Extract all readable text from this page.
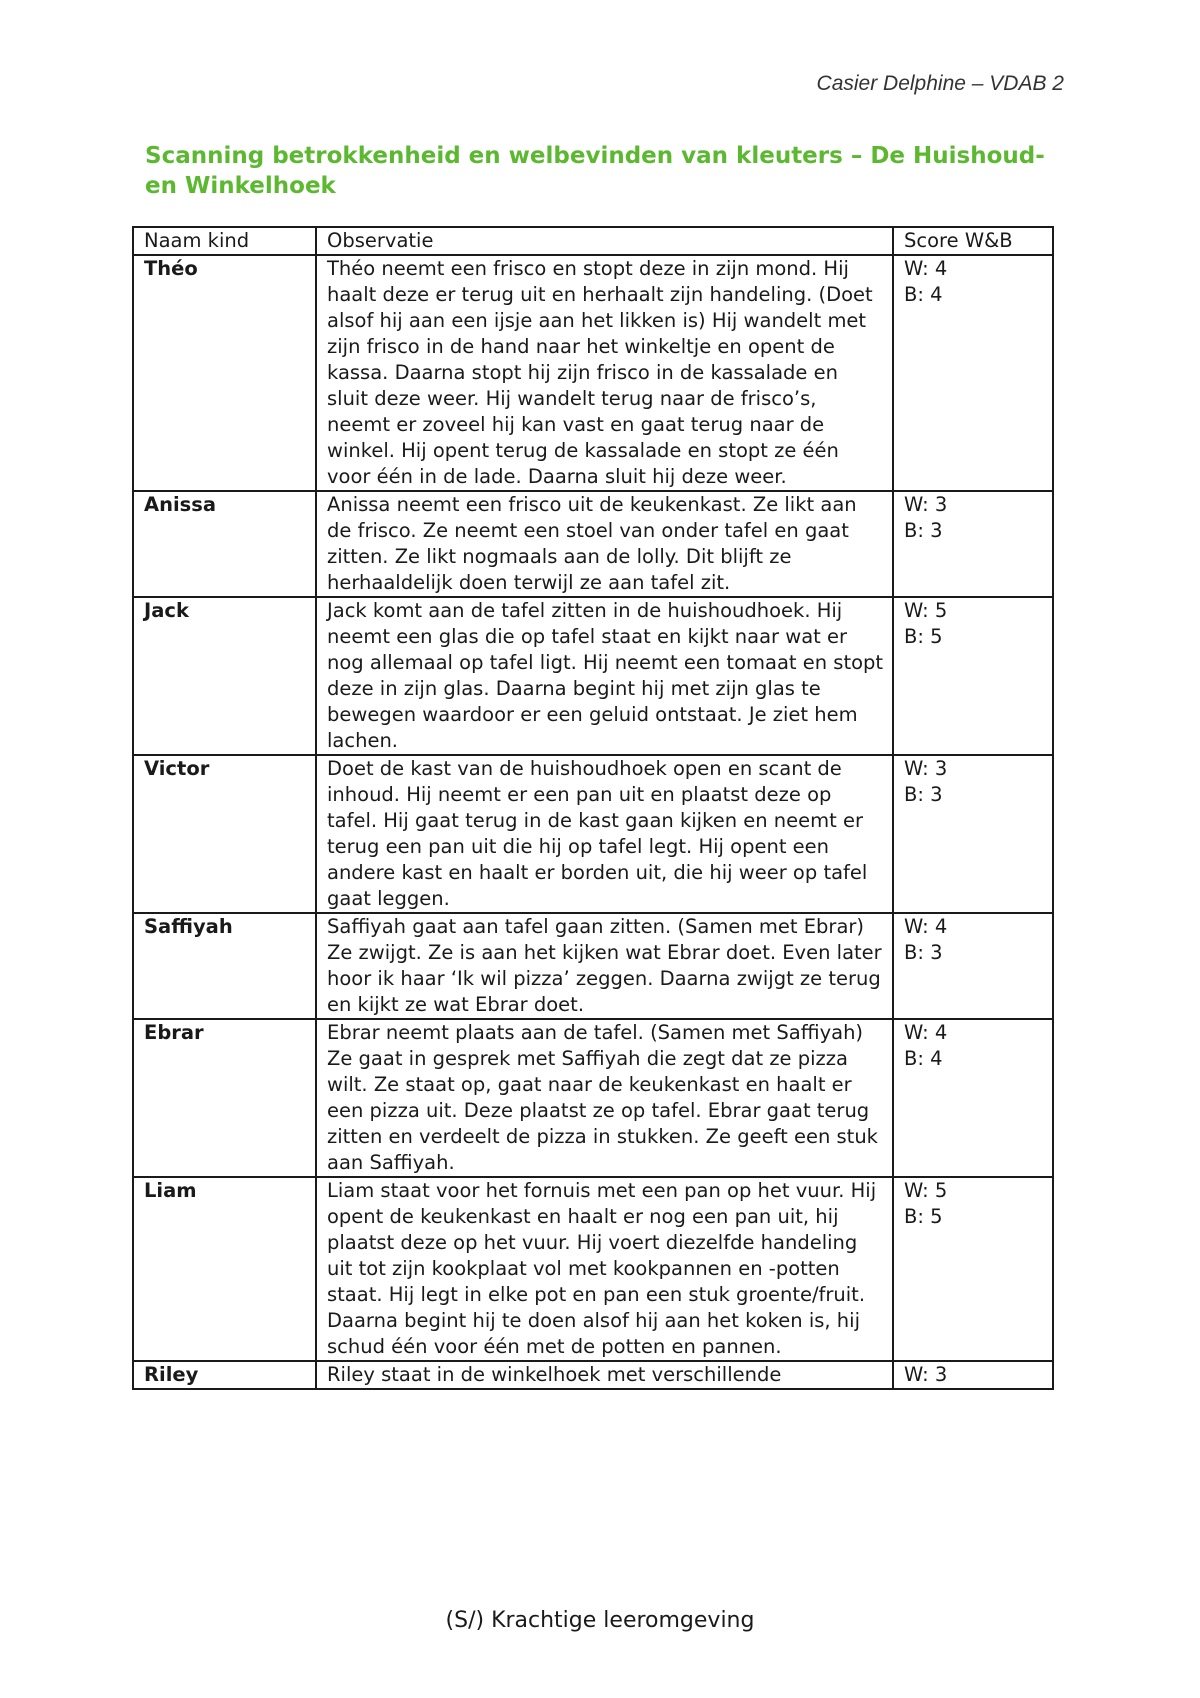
Casier Delphine – VDAB 2
Scanning betrokkenheid en welbevinden van kleuters – De Huishoud- en Winkelhoek
Naam kind	Observatie	Score W&B
Théo	Théo neemt een frisco en stopt deze in zijn mond. Hij haalt deze er terug uit en herhaalt zijn handeling. (Doet alsof hij aan een ijsje aan het likken is) Hij wandelt met zijn frisco in de hand naar het winkeltje en opent de kassa. Daarna stopt hij zijn frisco in de kassalade en sluit deze weer. Hij wandelt terug naar de frisco’s, neemt er zoveel hij kan vast en gaat terug naar de winkel. Hij opent terug de kassalade en stopt ze één voor één in de lade. Daarna sluit hij deze weer.	W: 4
B: 4

Anissa	Anissa neemt een frisco uit de keukenkast. Ze likt aan de frisco. Ze neemt een stoel van onder tafel en gaat zitten. Ze likt nogmaals aan de lolly. Dit blijft ze herhaaldelijk doen terwijl ze aan tafel zit.	W: 3
B: 3

Jack	Jack komt aan de tafel zitten in de huishoudhoek. Hij neemt een glas die op tafel staat en kijkt naar wat er nog allemaal op tafel ligt. Hij neemt een tomaat en stopt deze in zijn glas. Daarna begint hij met zijn glas te bewegen waardoor er een geluid ontstaat. Je ziet hem lachen.	W: 5
B: 5

Victor	Doet de kast van de huishoudhoek open en scant de inhoud. Hij neemt er een pan uit en plaatst deze op tafel. Hij gaat terug in de kast gaan kijken en neemt er terug een pan uit die hij op tafel legt. Hij opent een andere kast en haalt er borden uit, die hij weer op tafel gaat leggen.	W: 3
B: 3

Saffiyah	Saffiyah gaat aan tafel gaan zitten. (Samen met Ebrar) Ze zwijgt. Ze is aan het kijken wat Ebrar doet. Even later hoor ik haar ‘Ik wil pizza’ zeggen. Daarna zwijgt ze terug en kijkt ze wat Ebrar doet.	W: 4
B: 3

Ebrar	Ebrar neemt plaats aan de tafel. (Samen met Saffiyah) Ze gaat in gesprek met Saffiyah die zegt dat ze pizza wilt. Ze staat op, gaat naar de keukenkast en haalt er een pizza uit. Deze plaatst ze op tafel. Ebrar gaat terug zitten en verdeelt de pizza in stukken. Ze geeft een stuk aan Saffiyah.	W: 4
B: 4

Liam	Liam staat voor het fornuis met een pan op het vuur. Hij opent de keukenkast en haalt er nog een pan uit, hij plaatst deze op het vuur. Hij voert diezelfde handeling uit tot zijn kookplaat vol met kookpannen en -potten staat. Hij legt in elke pot en pan een stuk groente/fruit. Daarna begint hij te doen alsof hij aan het koken is, hij schud één voor één met de potten en pannen.	W: 5
B: 5

Riley	Riley staat in de winkelhoek met verschillende	W: 3
(S/) Krachtige leeromgeving
